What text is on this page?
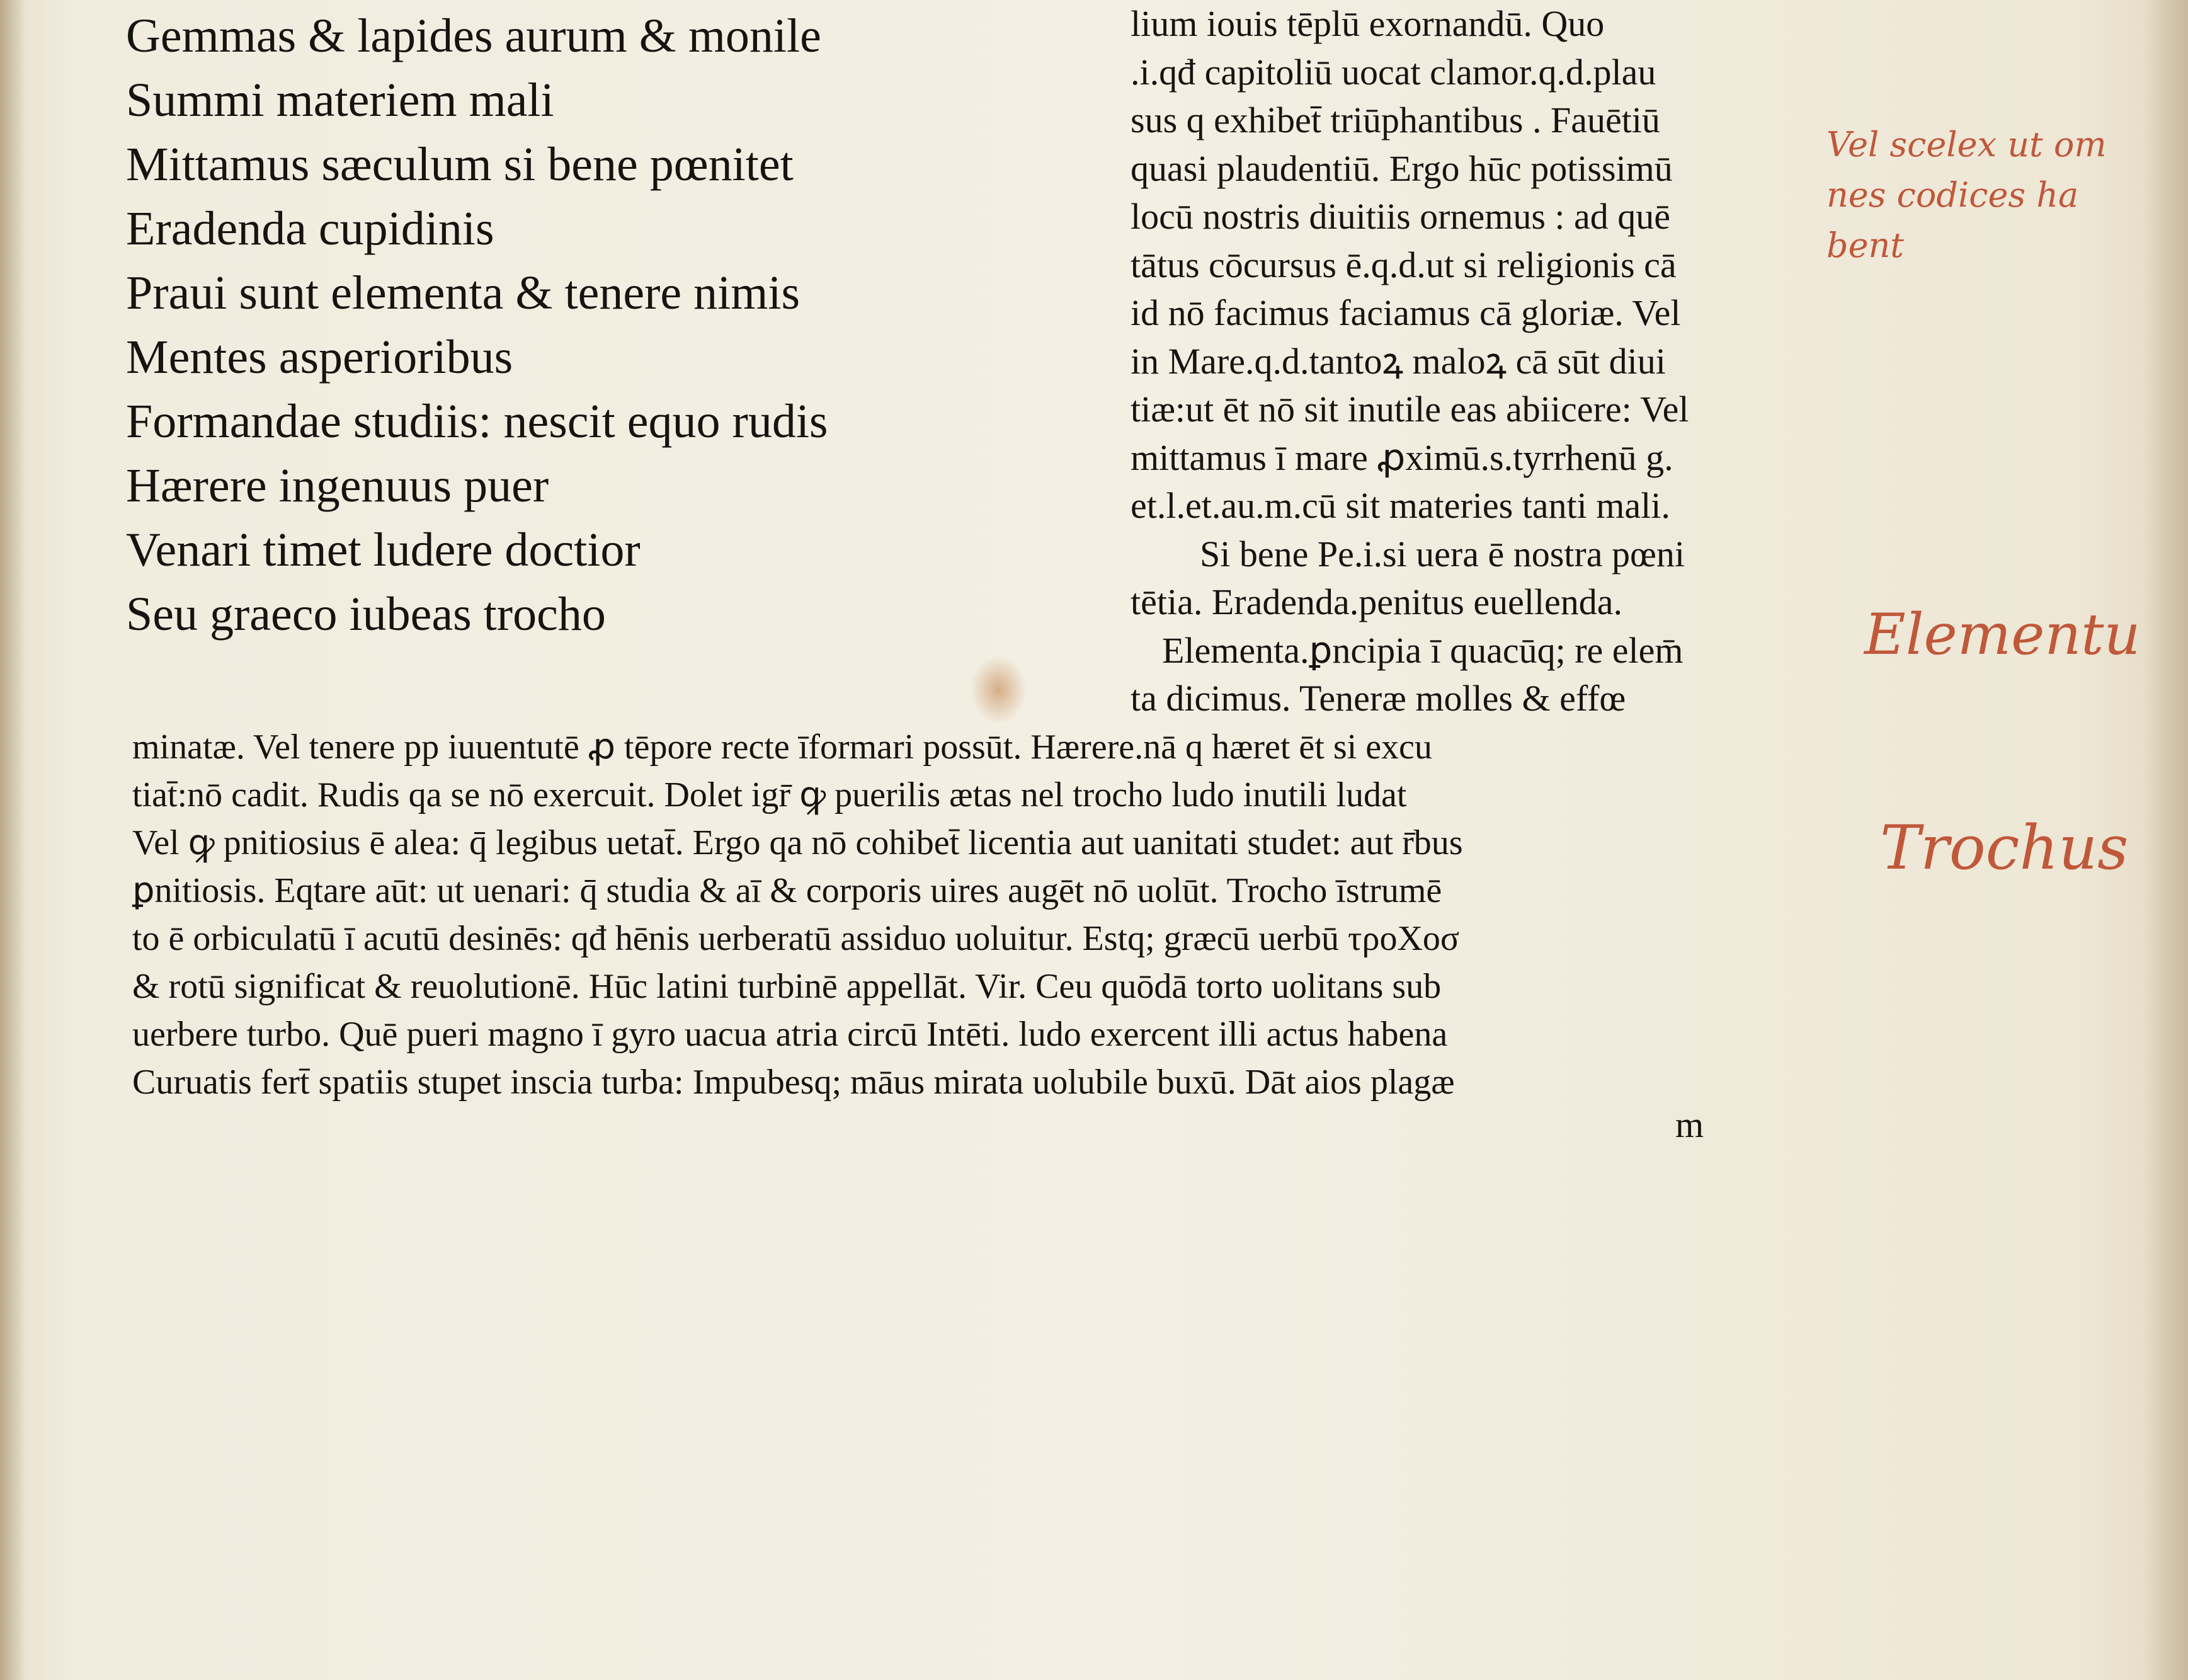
Gemmas & lapides aurum & monile
Summi materiem mali
Mittamus sæculum si bene pœnitet
Eradenda cupidinis
Praui sunt elementa & tenere nimis
Mentes asperioribus
Formandae studiis: nescit equo rudis
Hærere ingenuus puer
Venari timet ludere doctior
Seu graeco iubeas trocho
lium iouis tēplū exornandū. Quo
.i.qđ capitoliū uocat clamor.q.d.plau
sus q exhibet̄ triūphantibus . Fauētiū
quasi plaudentiū. Ergo hūc potissimū
locū nostris diuitiis ornemus : ad quē
tātus cōcursus ē.q.d.ut si religionis cā
id nō facimus faciamus cā gloriæ. Vel
in Mare.q.d.tantoꝝ maloꝝ cā sūt diui
tiæ:ut ēt nō sit inutile eas abiicere: Vel
mittamus ī mare ꝓximū.s.tyrrhenū g.
et.l.et.au.m.cū sit materies tanti mali.
Si bene Pe.i.si uera ē nostra pœni
tētia. Eradenda.penitus euellenda.
Elementa.ꝑncipia ī quacūq; re elem̄
ta dicimus. Teneræ molles & effœ
minatæ. Vel tenere pp iuuentutē ꝓ tēpore recte īformari possūt. Hærere.nā q hæret ēt si excu
tiat̄:nō cadit. Rudis qa se nō exercuit. Dolet igr̄ ꝙ puerilis ætas nel trocho ludo inutili ludat
Vel ꝙ pnitiosius ē alea: q̄ legibus uetat̄. Ergo qa nō cohibet̄ licentia aut uanitati studet: aut r̄bus
ꝑnitiosis. Eqtare aūt: ut uenari: q̄ studia & aī & corporis uires augēt nō uolūt. Trocho īstrumē
to ē orbiculatū ī acutū desinēs: qđ hēnis uerberatū assiduo uoluitur. Estq; græcū uerbū τροΧοσ
& rotū significat & reuolutionē. Hūc latini turbinē appellāt. Vir. Ceu quōdā torto uolitans sub
uerbere turbo. Quē pueri magno ī gyro uacua atria circū Intēti. ludo exercent illi actus habena
Curuatis fert̄ spatiis stupet inscia turba: Impubesq; māus mirata uolubile buxū. Dāt aios plagæ
m
Vel scelex ut om
nes codices ha
bent
Elementu
Trochus
